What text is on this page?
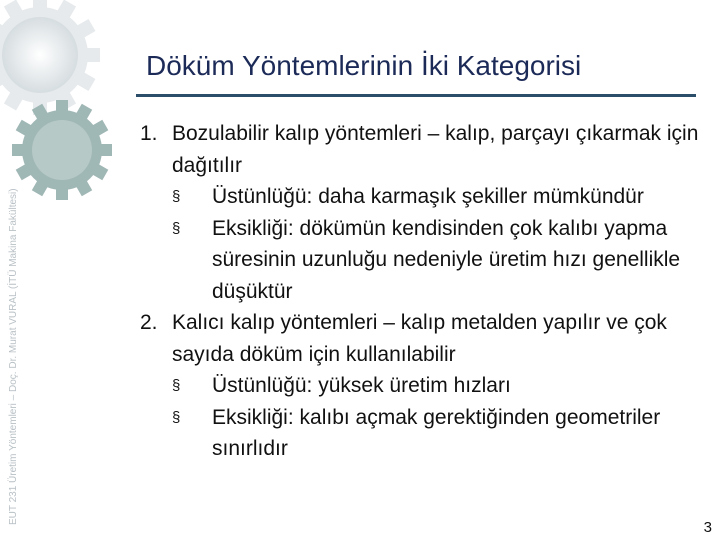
EUT 231 Üretim Yöntemleri – Doç. Dr. Murat VURAL (İTÜ Makina Fakültesi)
Döküm Yöntemlerinin İki Kategorisi
1. Bozulabilir kalıp yöntemleri – kalıp, parçayı çıkarmak için dağıtılır
§ Üstünlüğü: daha karmaşık şekiller mümkündür
§ Eksikliği: dökümün kendisinden çok kalıbı yapma süresinin uzunluğu nedeniyle üretim hızı genellikle düşüktür
2. Kalıcı kalıp yöntemleri – kalıp metalden yapılır ve çok sayıda döküm için kullanılabilir
§ Üstünlüğü: yüksek üretim hızları
§ Eksikliği: kalıbı açmak gerektiğinden geometriler sınırlıdır
3
